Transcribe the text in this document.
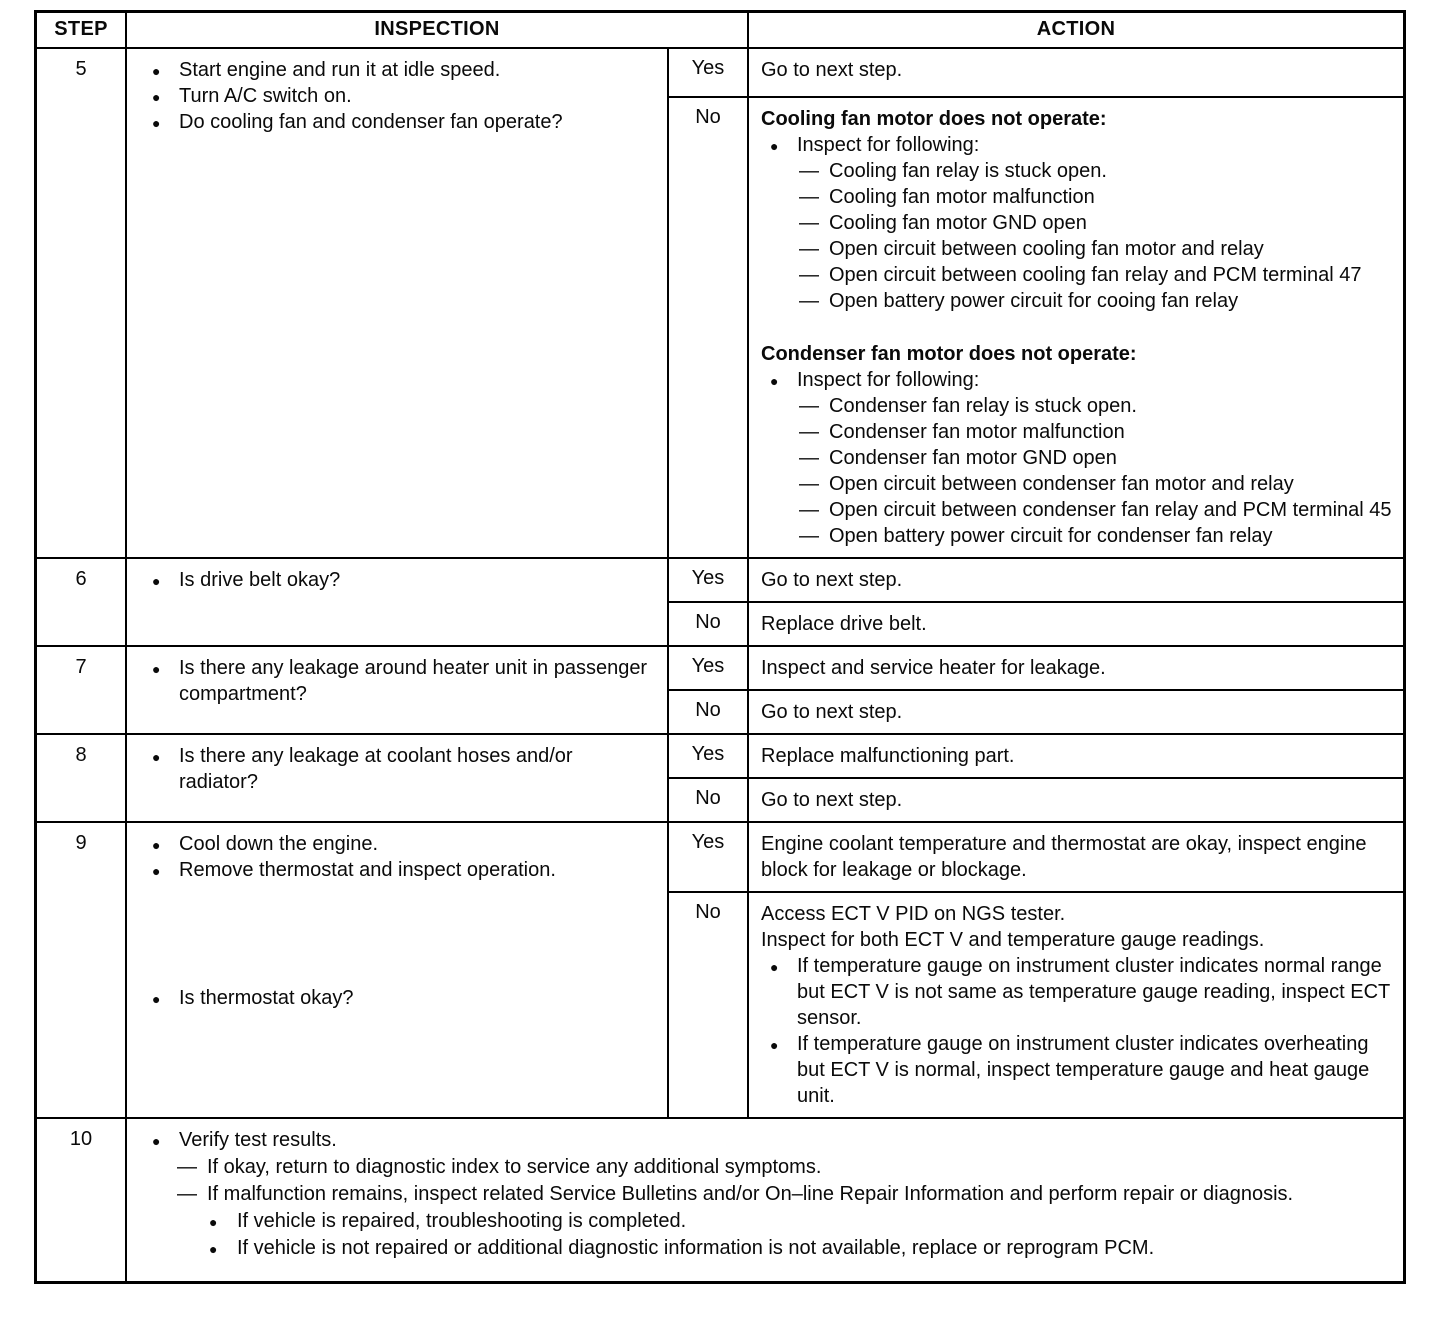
STEP	INSPECTION	ACTION
5	● Start engine and run it at idle speed.
● Turn A/C switch on.
● Do cooling fan and condenser fan operate?
Yes	Go to next step.
No	Cooling fan motor does not operate:
● Inspect for following:
— Cooling fan relay is stuck open.
— Cooling fan motor malfunction
— Cooling fan motor GND open
— Open circuit between cooling fan motor and relay
— Open circuit between cooling fan relay and PCM terminal 47
— Open battery power circuit for cooing fan relay
Condenser fan motor does not operate:
● Inspect for following:
— Condenser fan relay is stuck open.
— Condenser fan motor malfunction
— Condenser fan motor GND open
— Open circuit between condenser fan motor and relay
— Open circuit between condenser fan relay and PCM terminal 45
— Open battery power circuit for condenser fan relay
6	● Is drive belt okay?	Yes	Go to next step.
No	Replace drive belt.
7	● Is there any leakage around heater unit in passenger compartment?
Yes	Inspect and service heater for leakage.
No	Go to next step.
8	● Is there any leakage at coolant hoses and/or radiator?
Yes	Replace malfunctioning part.
No	Go to next step.
9	● Cool down the engine.
● Remove thermostat and inspect operation.
● Is thermostat okay?
Yes	Engine coolant temperature and thermostat are okay, inspect engine block for leakage or blockage.
No	Access ECT V PID on NGS tester.
Inspect for both ECT V and temperature gauge readings.
● If temperature gauge on instrument cluster indicates normal range but ECT V is not same as temperature gauge reading, inspect ECT sensor.
● If temperature gauge on instrument cluster indicates overheating but ECT V is normal, inspect temperature gauge and heat gauge unit.
10	● Verify test results.
— If okay, return to diagnostic index to service any additional symptoms.
— If malfunction remains, inspect related Service Bulletins and/or On–line Repair Information and perform repair or diagnosis.
● If vehicle is repaired, troubleshooting is completed.
● If vehicle is not repaired or additional diagnostic information is not available, replace or reprogram PCM.
